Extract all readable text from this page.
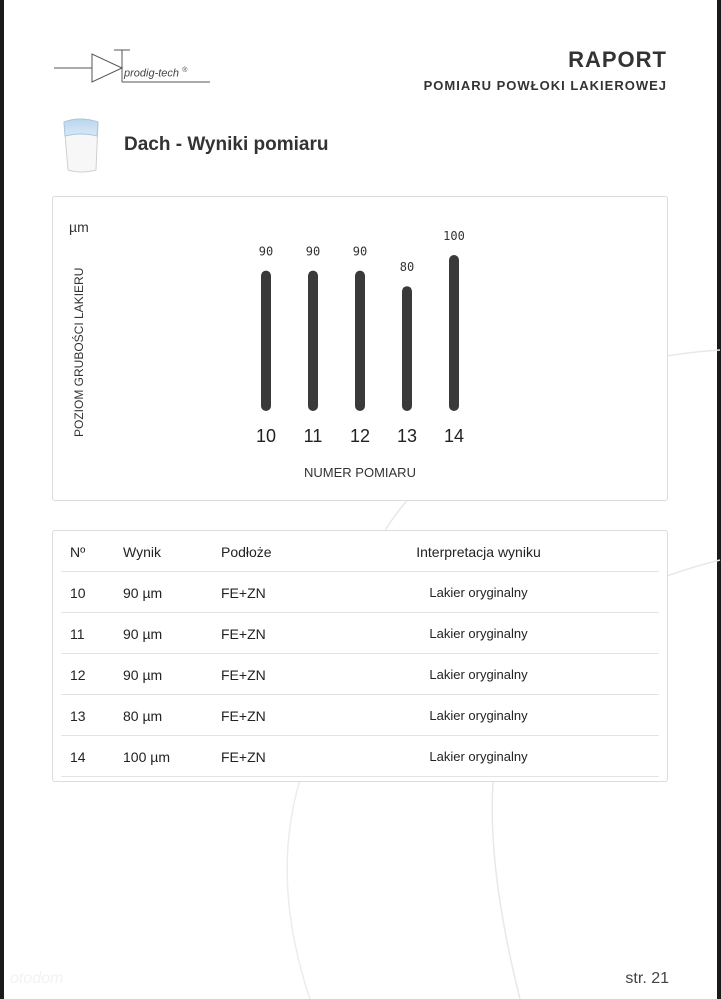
prodig-tech ®	RAPORT
POMIARU POWŁOKI LAKIEROWEJ
Dach - Wyniki pomiaru
µm
POZIOM GRUBOŚCI LAKIERU
NUMER POMIARU
90
10
90
11
90
12
80
13
100
14
Nº	Wynik	Podłoże	Interpretacja wyniku
10	90 µm	FE+ZN	Lakier oryginalny
11	90 µm	FE+ZN	Lakier oryginalny
12	90 µm	FE+ZN	Lakier oryginalny
13	80 µm	FE+ZN	Lakier oryginalny
14	100 µm	FE+ZN	Lakier oryginalny
otodom	str. 21
